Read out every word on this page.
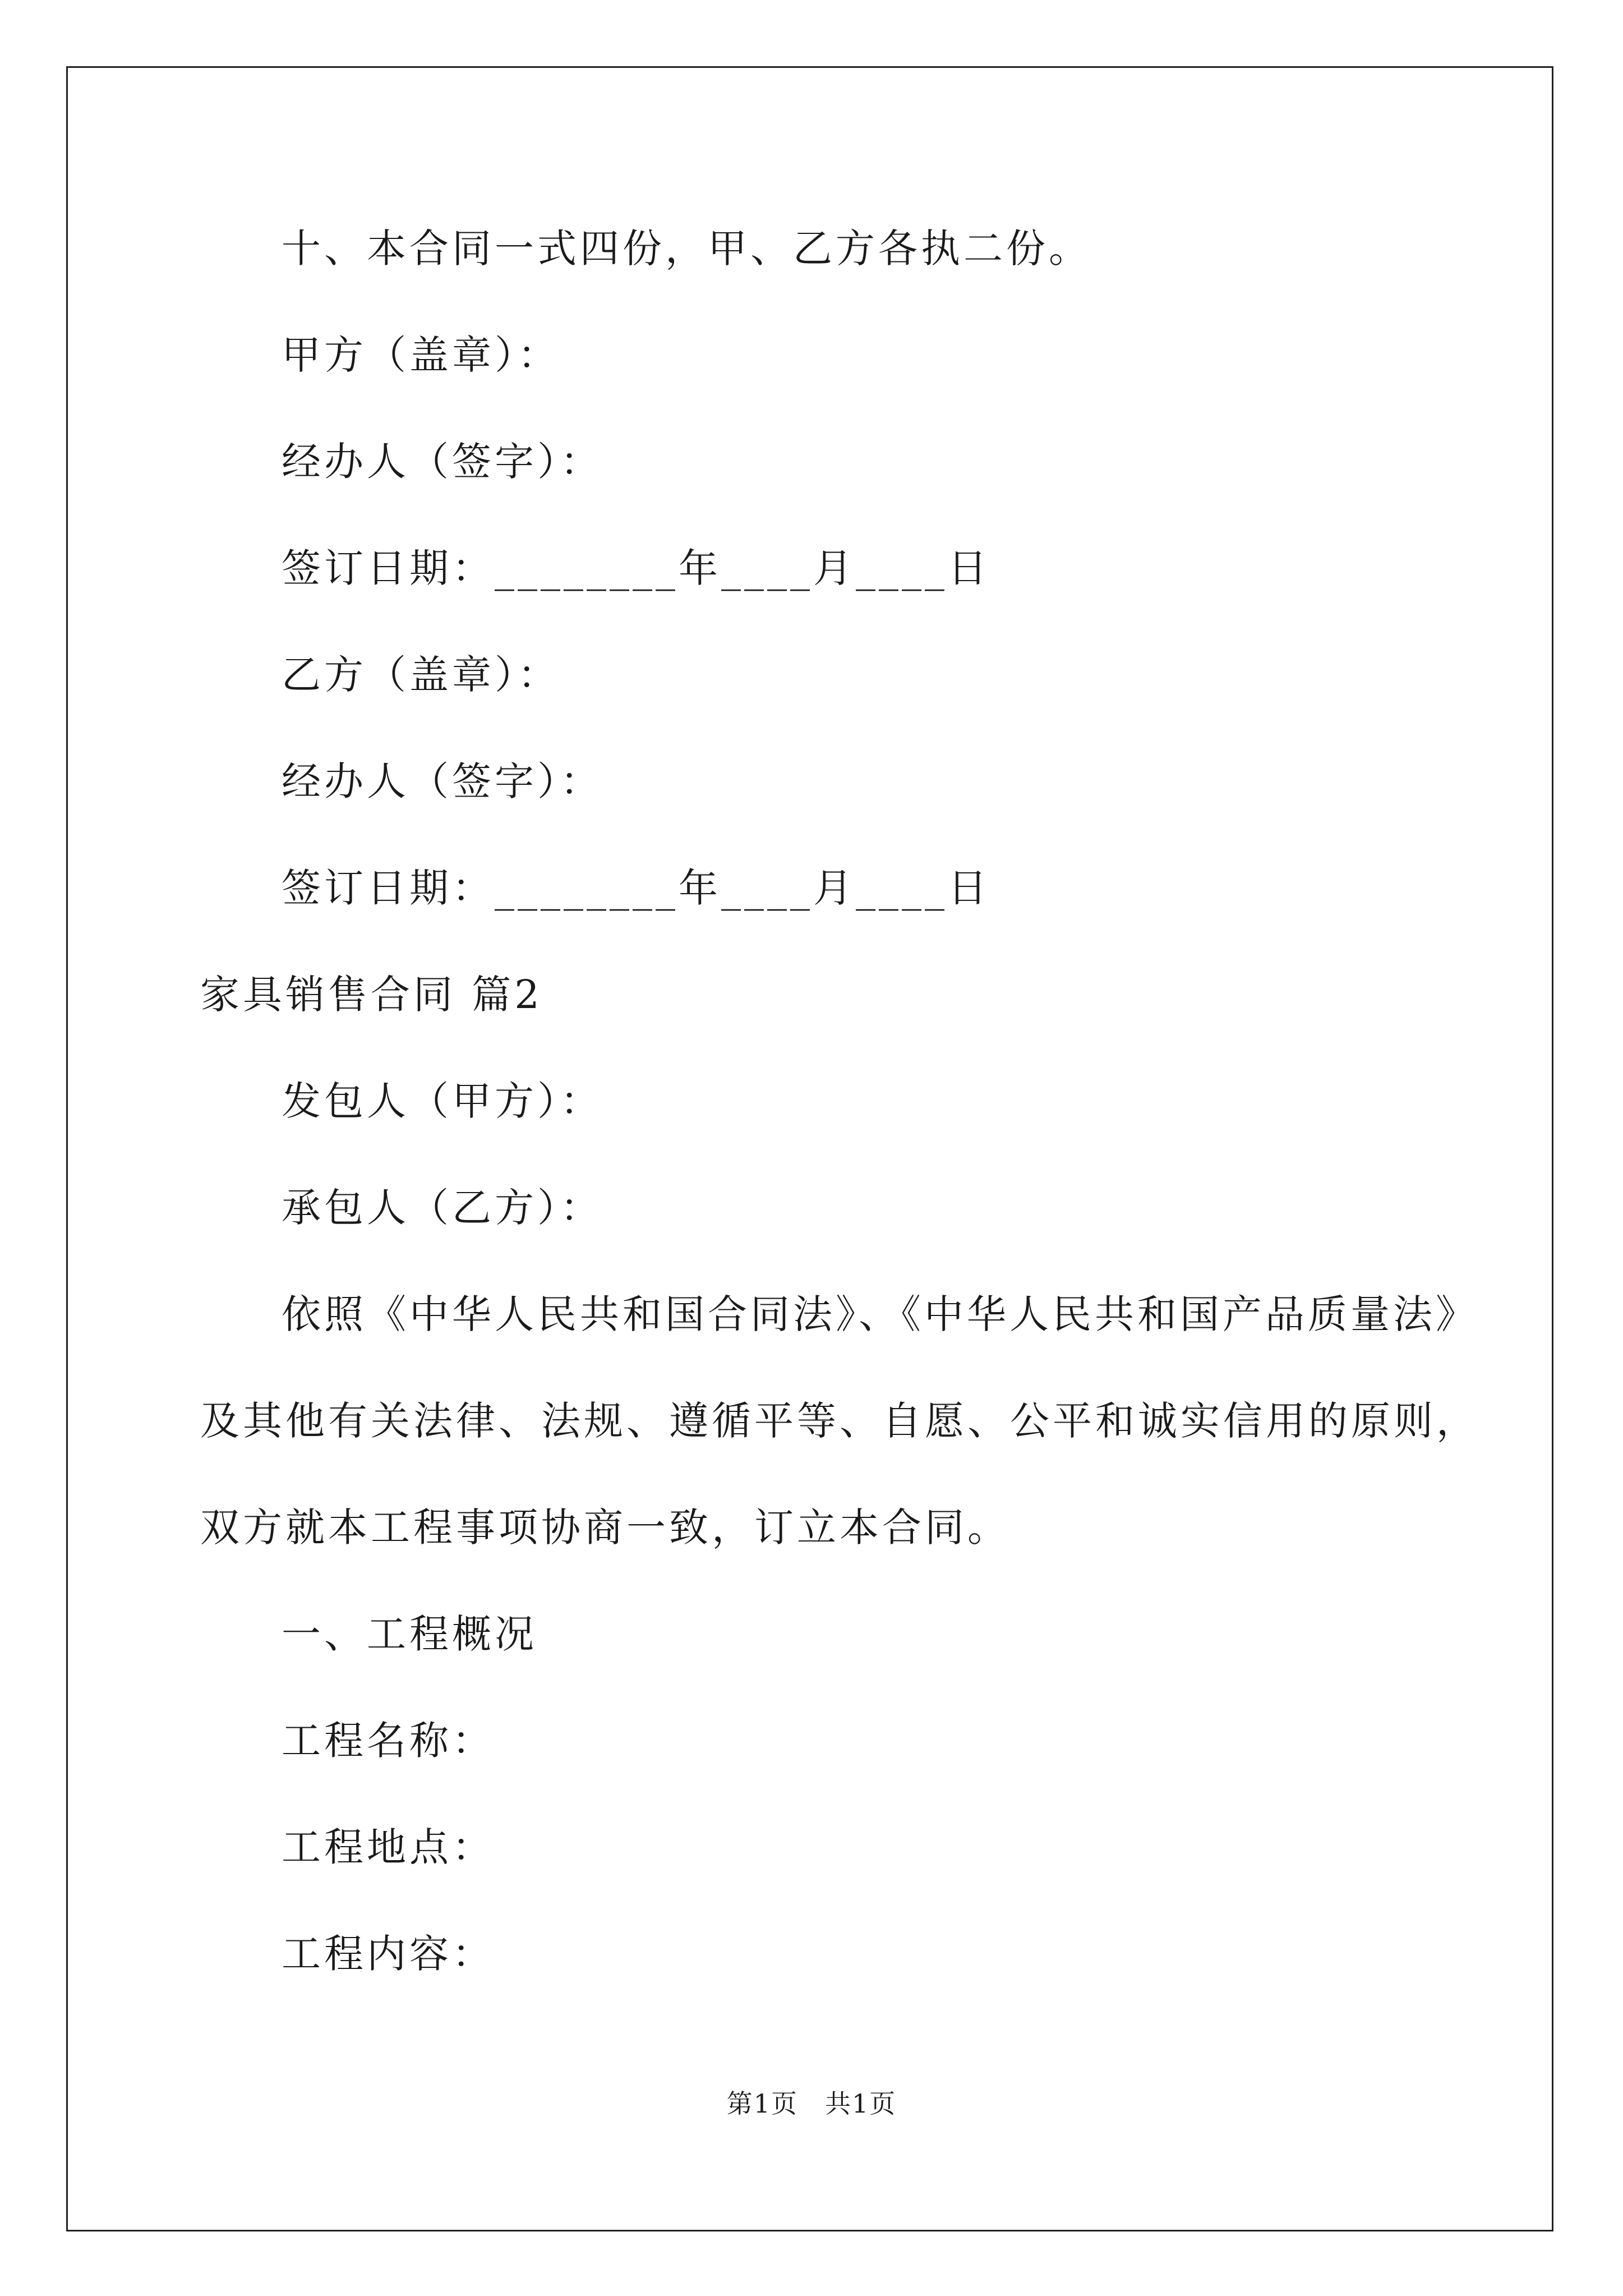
十、本合同一式四份，甲、乙方各执二份。
甲方（盖章）：
经办人（签字）：
签订日期：________年____月____日
乙方（盖章）：
经办人（签字）：
签订日期：________年____月____日
家具销售合同 篇2
发包人（甲方）：
承包人（乙方）：
依照《中华人民共和国合同法》、《中华人民共和国产品质量法》
及其他有关法律、法规、遵循平等、自愿、公平和诚实信用的原则，
双方就本工程事项协商一致，订立本合同。
一、工程概况
工程名称：
工程地点：
工程内容：
第1页　共1页
